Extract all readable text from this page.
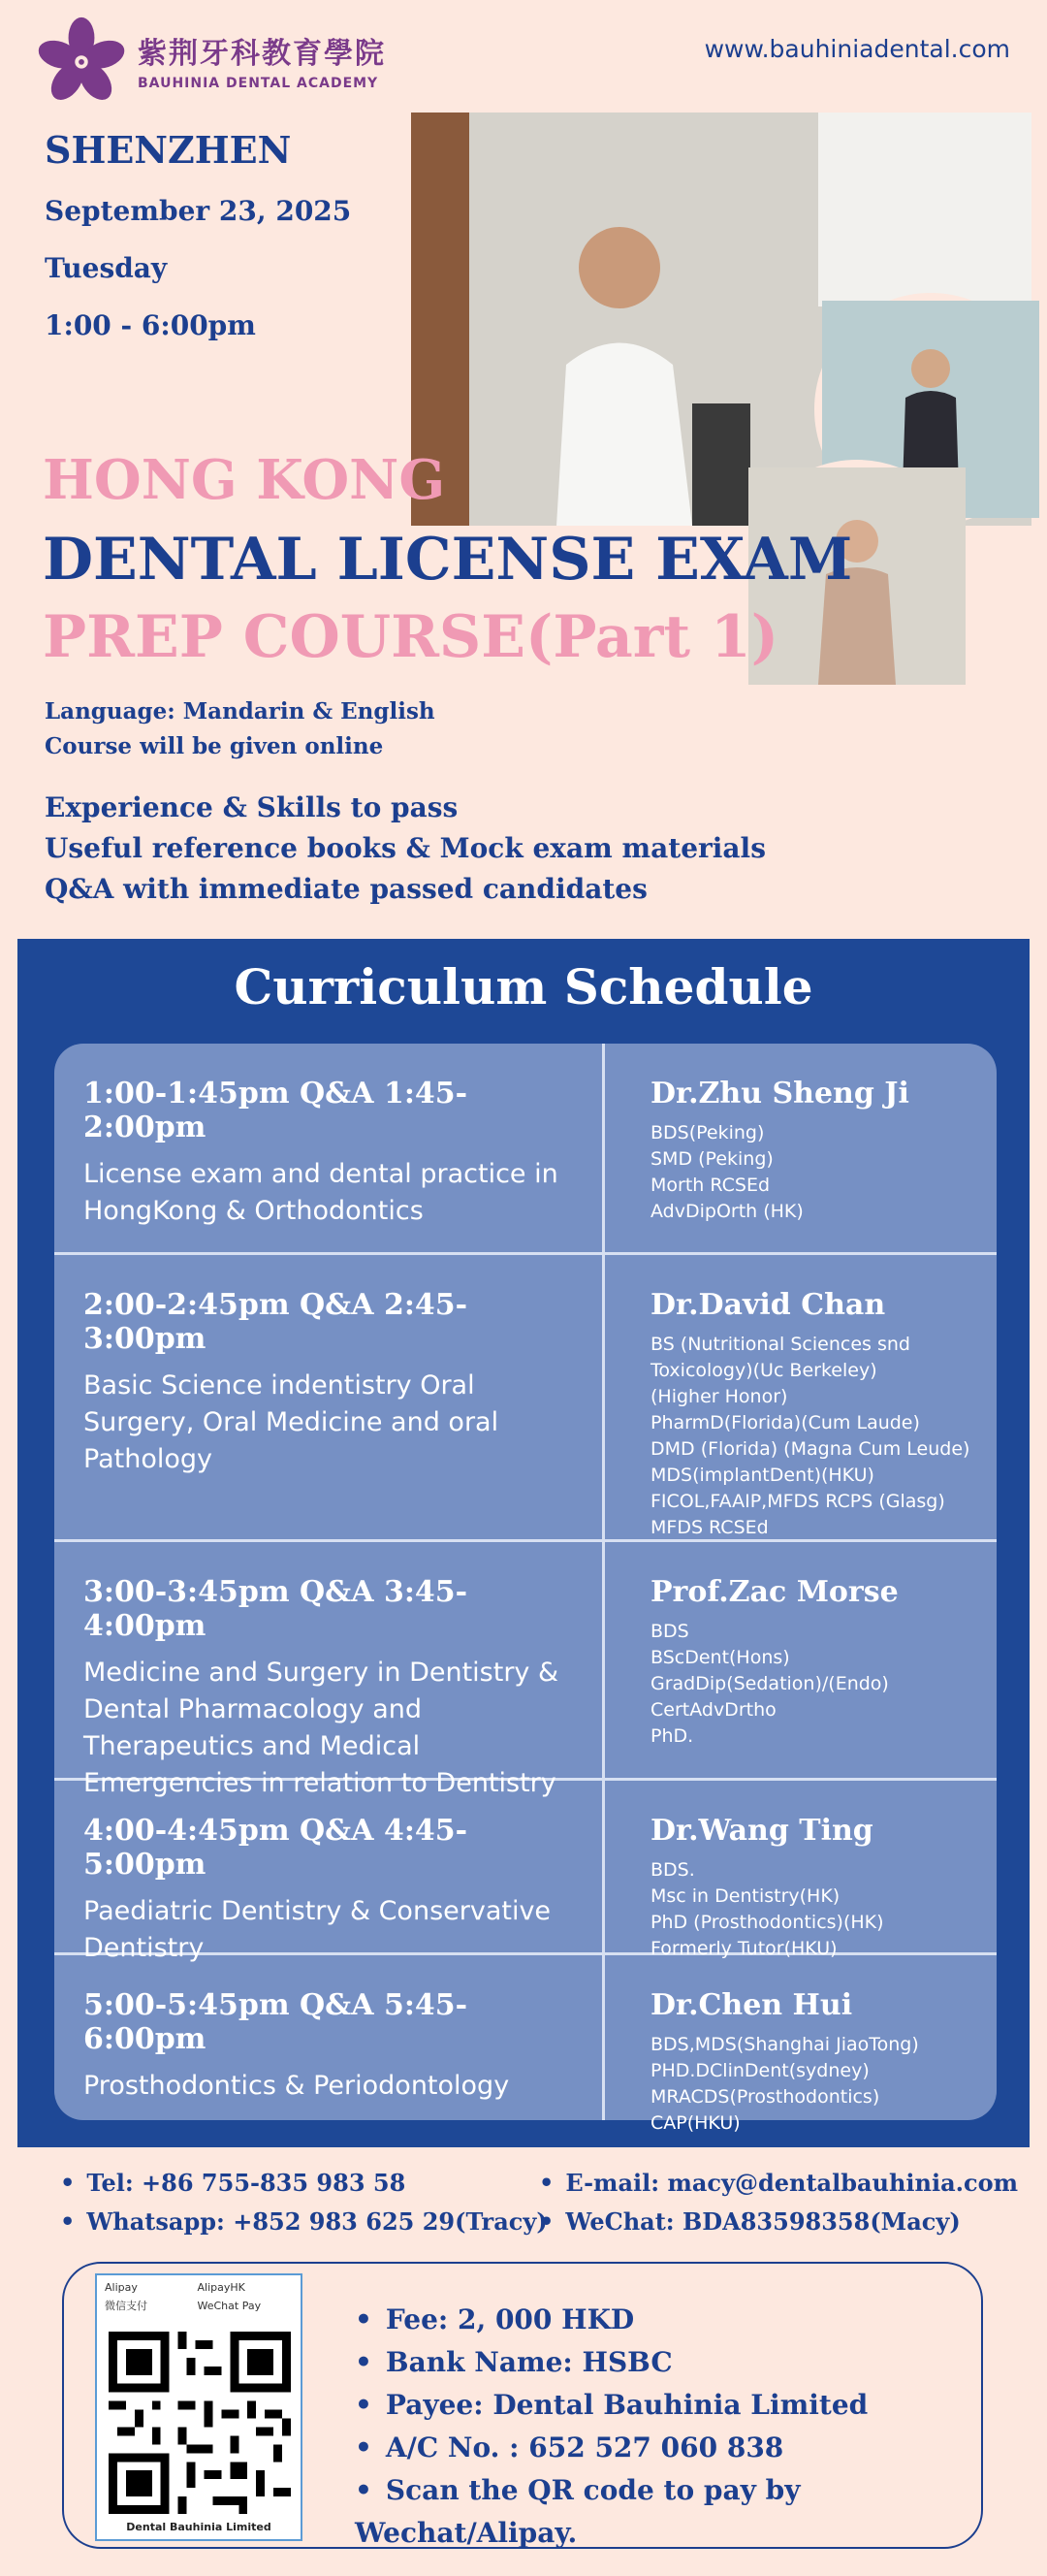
紫荆牙科教育學院
BAUHINIA DENTAL ACADEMY
www.bauhiniadental.com
SHENZHEN
September 23, 2025
Tuesday
1:00 - 6:00pm
HONG KONG
DENTAL LICENSE EXAM
PREP COURSE(Part 1)
Language: Mandarin & English
Course will be given online
Experience & Skills to pass
Useful reference books & Mock exam materials
Q&A with immediate passed candidates
Curriculum Schedule
1:00-1:45pm Q&A 1:45-2:00pm
License exam and dental practice in HongKong & Orthodontics
Dr.Zhu Sheng Ji
BDS(Peking)
SMD (Peking)
Morth RCSEd
AdvDipOrth (HK)
2:00-2:45pm Q&A 2:45-3:00pm
Basic Science indentistry Oral Surgery, Oral Medicine and oral Pathology
Dr.David Chan
BS (Nutritional Sciences snd
Toxicology)(Uc Berkeley)
(Higher Honor)
PharmD(Florida)(Cum Laude)
DMD (Florida) (Magna Cum Leude)
MDS(implantDent)(HKU)
FICOL,FAAIP,MFDS RCPS (Glasg)
MFDS RCSEd
3:00-3:45pm Q&A 3:45-4:00pm
Medicine and Surgery in Dentistry & Dental Pharmacology and Therapeutics and Medical Emergencies in relation to Dentistry
Prof.Zac Morse
BDS
BScDent(Hons)
GradDip(Sedation)/(Endo)
CertAdvDrtho
PhD.
4:00-4:45pm Q&A 4:45-5:00pm
Paediatric Dentistry & Conservative Dentistry
Dr.Wang Ting
BDS.
Msc in Dentistry(HK)
PhD (Prosthodontics)(HK)
Formerly Tutor(HKU)
5:00-5:45pm Q&A 5:45-6:00pm
Prosthodontics & Periodontology
Dr.Chen Hui
BDS,MDS(Shanghai JiaoTong)
PHD.DClinDent(sydney)
MRACDS(Prosthodontics)
CAP(HKU)
• Tel: +86 755-835 983 58
• Whatsapp: +852 983 625 29(Tracy)
• E-mail: macy@dentalbauhinia.com
• WeChat: BDA83598358(Macy)
Alipay	AlipayHK 微信支付	WeChat Pay
Dental Bauhinia Limited
• Fee: 2, 000 HKD
• Bank Name: HSBC
• Payee: Dental Bauhinia Limited
• A/C No. : 652 527 060 838
• Scan the QR code to pay by Wechat/Alipay.
